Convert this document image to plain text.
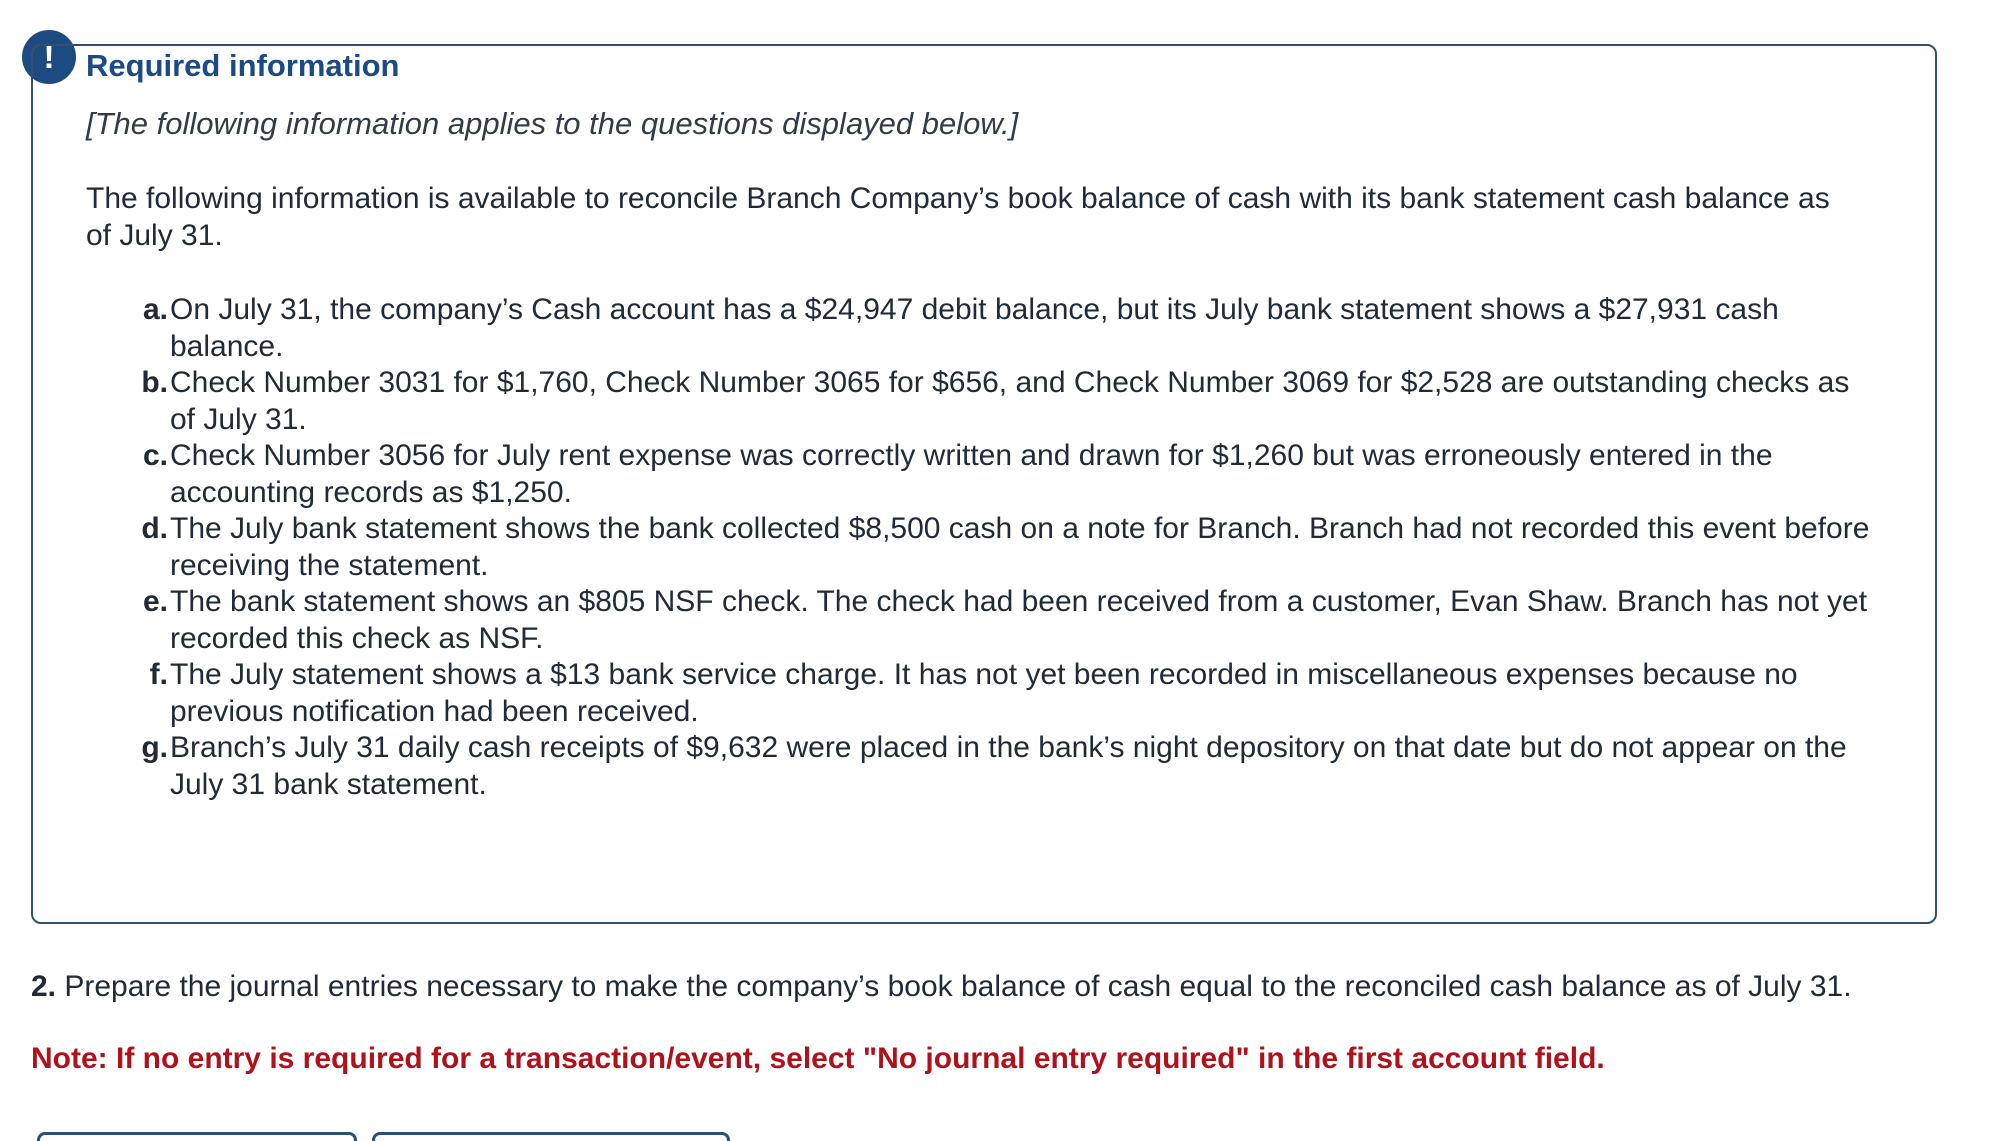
!	Required information

[The following information applies to the questions displayed below.]

The following information is available to reconcile Branch Company’s book balance of cash with its bank statement cash balance as of July 31.

a. On July 31, the company’s Cash account has a $24,947 debit balance, but its July bank statement shows a $27,931 cash balance.
b. Check Number 3031 for $1,760, Check Number 3065 for $656, and Check Number 3069 for $2,528 are outstanding checks as of July 31.
c. Check Number 3056 for July rent expense was correctly written and drawn for $1,260 but was erroneously entered in the accounting records as $1,250.
d. The July bank statement shows the bank collected $8,500 cash on a note for Branch. Branch had not recorded this event before receiving the statement.
e. The bank statement shows an $805 NSF check. The check had been received from a customer, Evan Shaw. Branch has not yet recorded this check as NSF.
f. The July statement shows a $13 bank service charge. It has not yet been recorded in miscellaneous expenses because no previous notification had been received.
g. Branch’s July 31 daily cash receipts of $9,632 were placed in the bank’s night depository on that date but do not appear on the July 31 bank statement.

2. Prepare the journal entries necessary to make the company’s book balance of cash equal to the reconciled cash balance as of July 31.

Note: If no entry is required for a transaction/event, select "No journal entry required" in the first account field.
